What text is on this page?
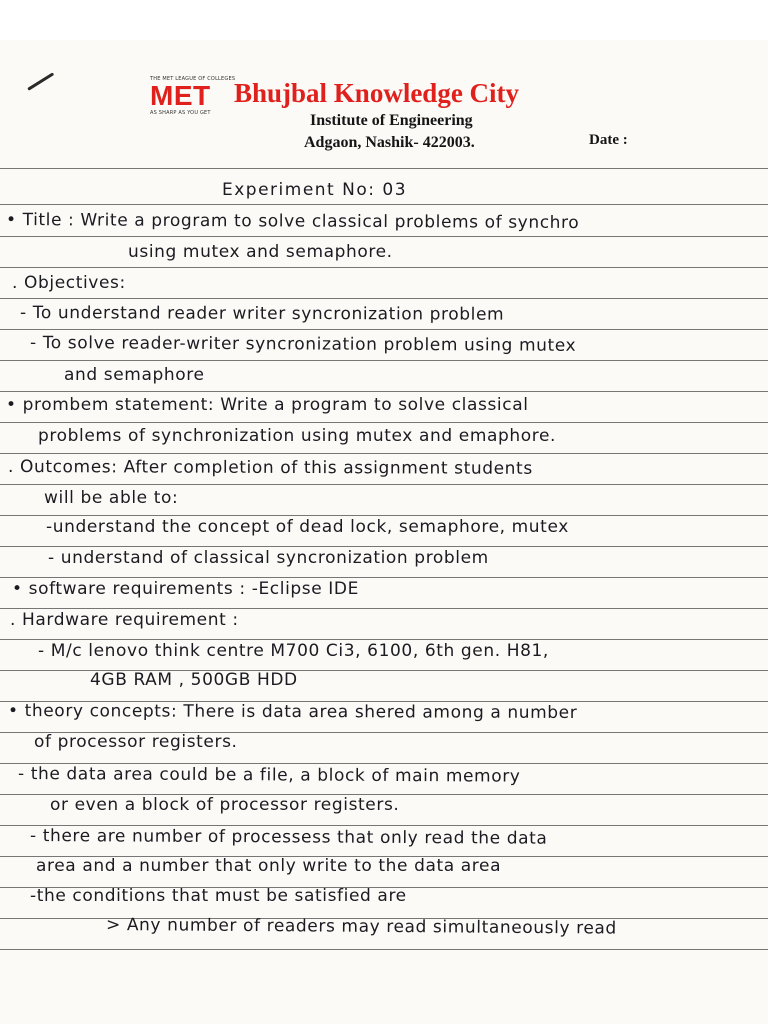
THE MET LEAGUE OF COLLEGES
MET
AS SHARP AS YOU GET
Bhujbal Knowledge City
Institute of Engineering
Adgaon, Nashik- 422003.	Date :
Experiment No: 03
• Title : Write a program to solve classical problems of synchro
using mutex and semaphore.
. Objectives:
- To understand reader writer syncronization problem
- To solve reader-writer syncronization problem using mutex
and semaphore
• prombem statement: Write a program to solve classical
problems of synchronization using mutex and emaphore.
. Outcomes: After completion of this assignment students
will be able to:
-understand the concept of dead lock, semaphore, mutex
- understand of classical syncronization problem
• software requirements : -Eclipse IDE
. Hardware requirement :
- M/c lenovo think centre M700 Ci3, 6100, 6th gen. H81,
4GB RAM , 500GB HDD
• theory concepts: There is data area shered among a number
of processor registers.
- the data area could be a file, a block of main memory
or even a block of processor registers.
- there are number of processess that only read the data
area and a number that only write to the data area
-the conditions that must be satisfied are
> Any number of readers may read simultaneously read
